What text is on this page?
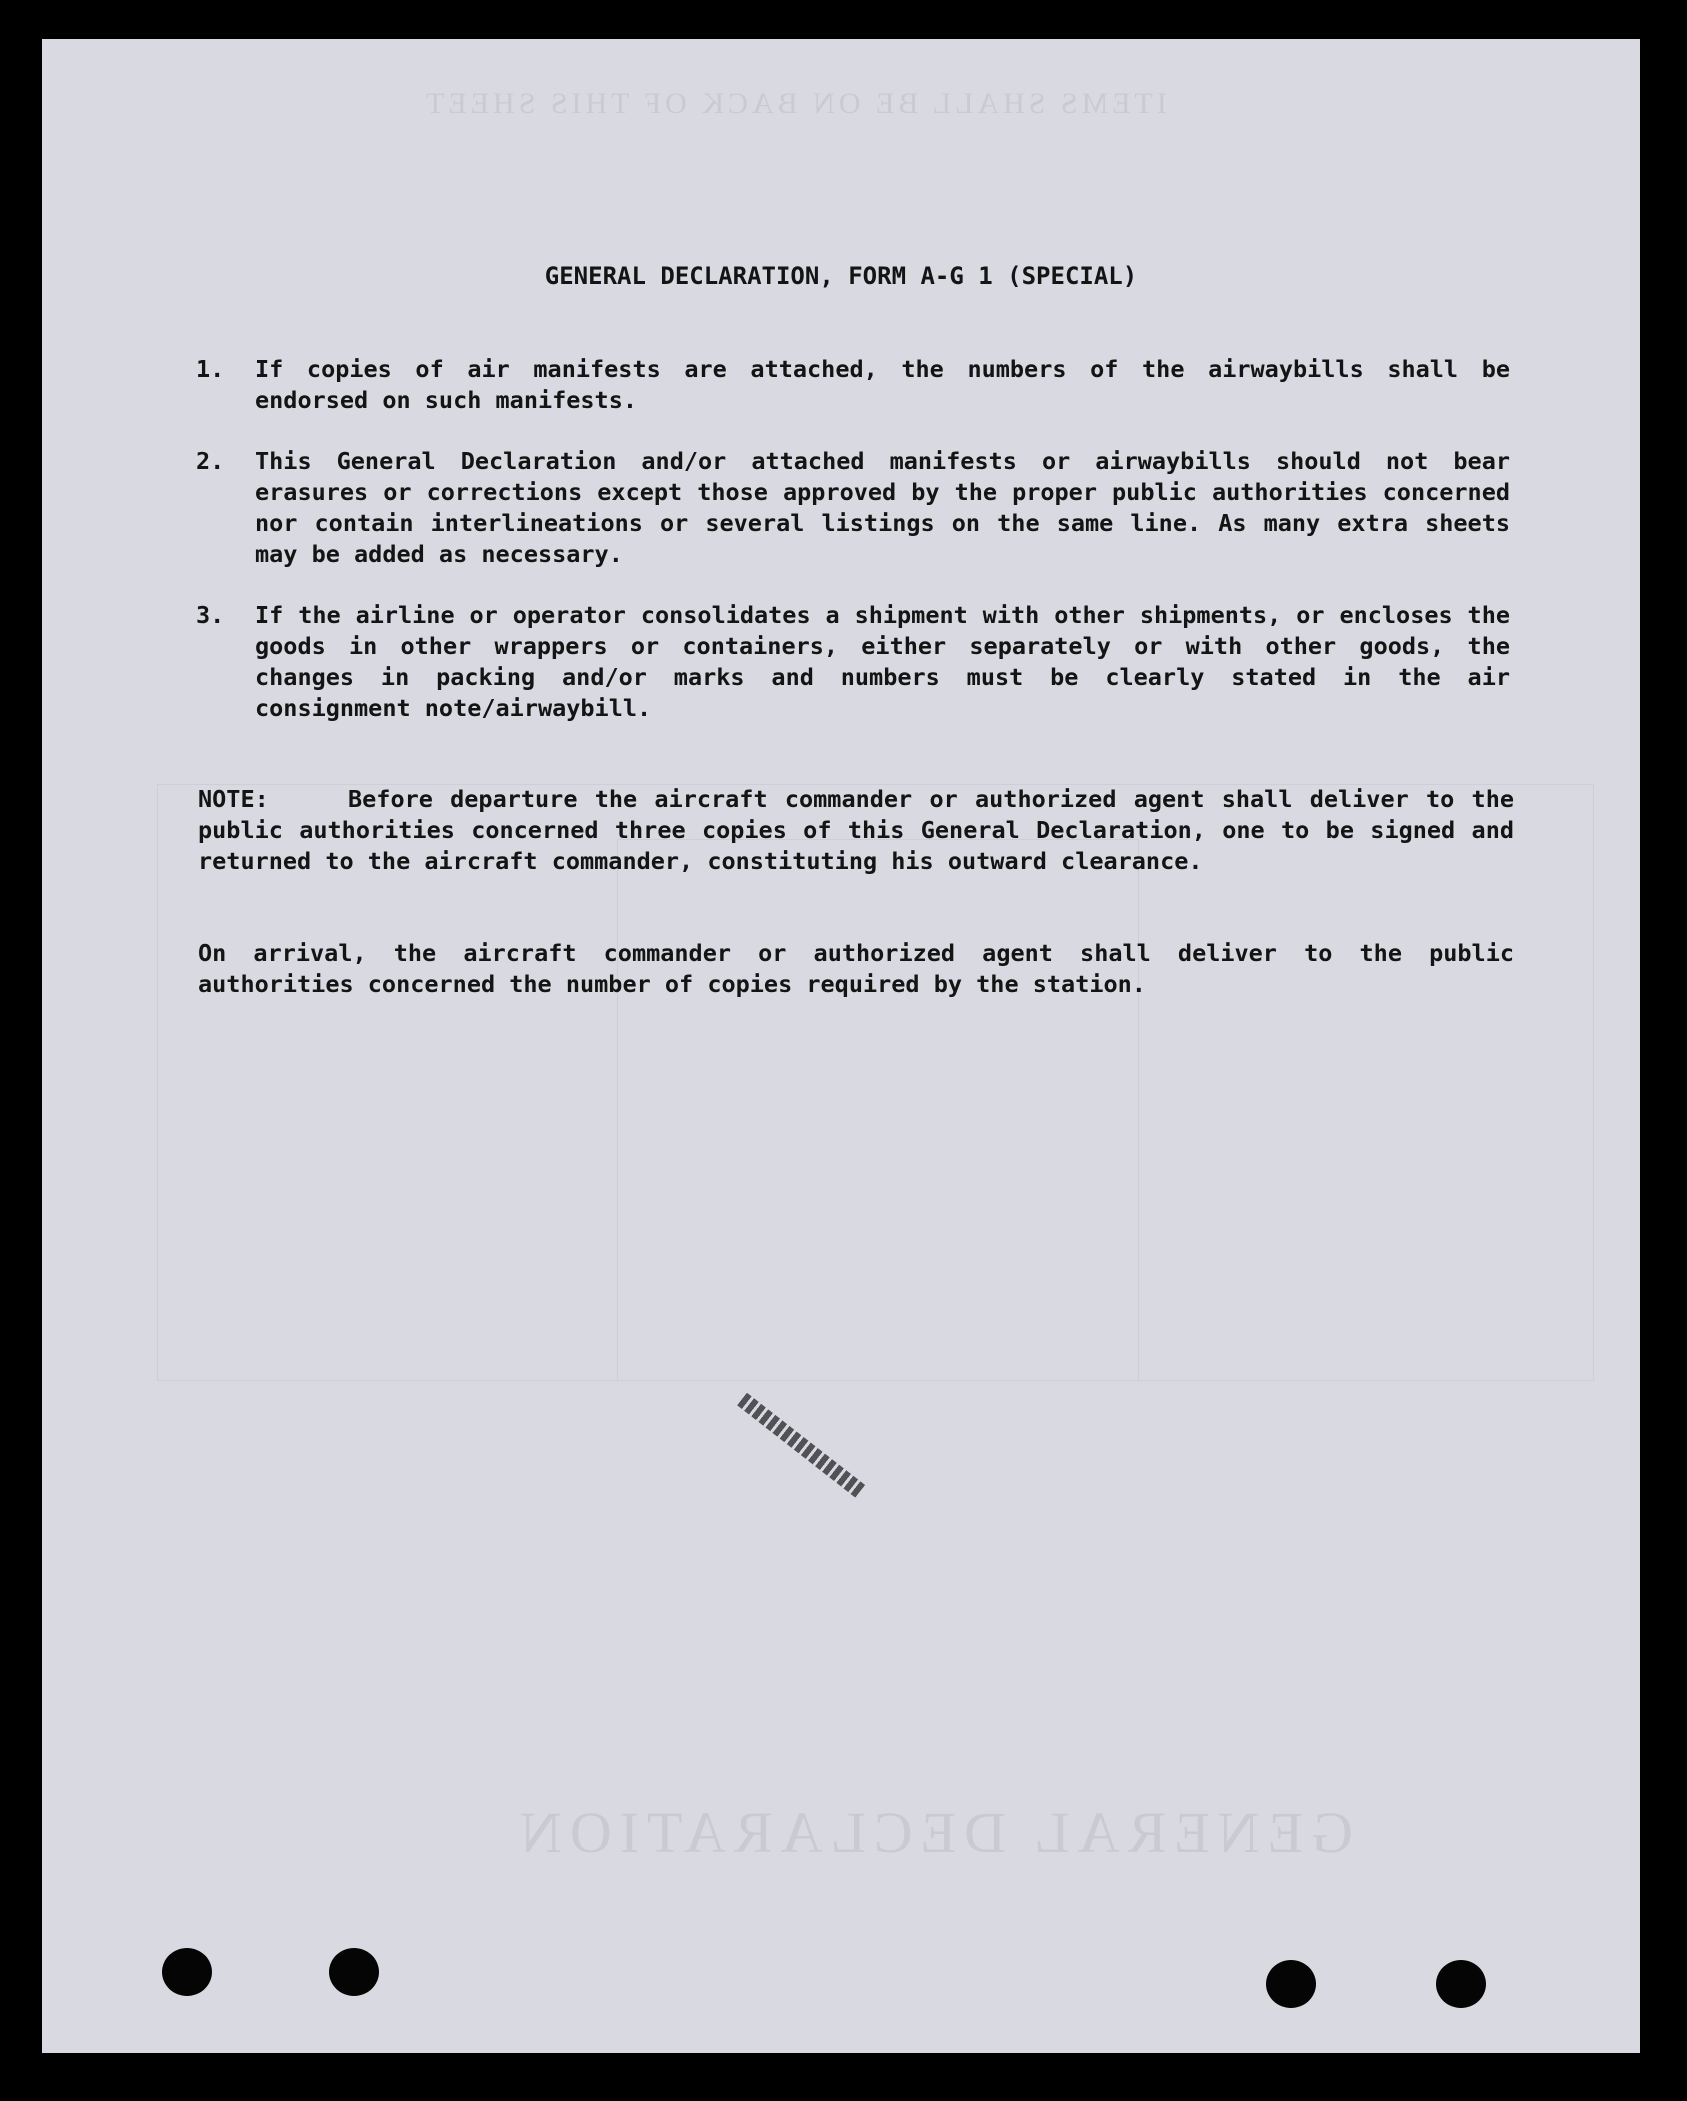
ITEMS SHALL BE ON BACK OF THIS SHEET
GENERAL DECLARATION
GENERAL DECLARATION, FORM A-G 1 (SPECIAL)
1.	If copies of air manifests are attached, the numbers of the airwaybills shall be endorsed on such manifests.
2.	This General Declaration and/or attached manifests or airwaybills should not bear erasures or corrections except those approved by the proper public authorities concerned nor contain interlineations or several listings on the same line. As many extra sheets may be added as necessary.
3.	If the airline or operator consolidates a shipment with other shipments, or encloses the goods in other wrappers or containers, either separately or with other goods, the changes in packing and/or marks and numbers must be clearly stated in the air consignment note/airwaybill.
NOTE:	Before departure the aircraft commander or authorized agent shall deliver to the public authorities concerned three copies of this General Declaration, one to be signed and returned to the aircraft commander, constituting his outward clearance.
On arrival, the aircraft commander or authorized agent shall deliver to the public authorities concerned the number of copies required by the station.
